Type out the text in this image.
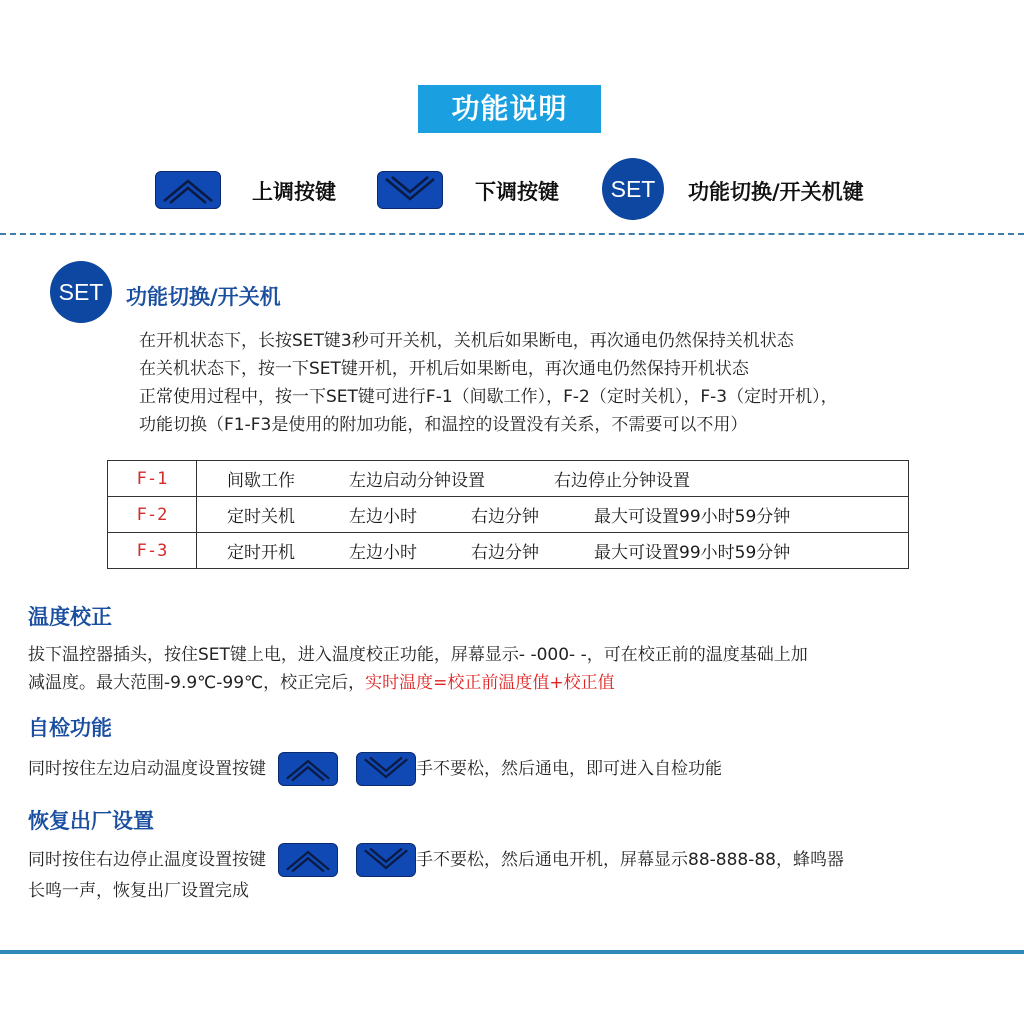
功能说明
上调按键	下调按键	SET	功能切换/开关机键
SET	功能切换/开关机
在开机状态下，长按SET键3秒可开关机，关机后如果断电，再次通电仍然保持关机状态
在关机状态下，按一下SET键开机，开机后如果断电，再次通电仍然保持开机状态
正常使用过程中，按一下SET键可进行F-1（间歇工作），F-2（定时关机），F-3（定时开机），
功能切换（F1-F3是使用的附加功能，和温控的设置没有关系，不需要可以不用）
F-1	间歇工作 左边启动分钟设置 右边停止分钟设置
F-2	定时关机 左边小时 右边分钟 最大可设置99小时59分钟
F-3	定时开机 左边小时 右边分钟 最大可设置99小时59分钟
温度校正
拔下温控器插头，按住SET键上电，进入温度校正功能，屏幕显示- -000- -，可在校正前的温度基础上加
减温度。最大范围-9.9℃-99℃，校正完后，实时温度=校正前温度值+校正值
自检功能
同时按住左边启动温度设置按键	手不要松，然后通电，即可进入自检功能
恢复出厂设置
同时按住右边停止温度设置按键	手不要松，然后通电开机，屏幕显示88-888-88，蜂鸣器
长鸣一声，恢复出厂设置完成
